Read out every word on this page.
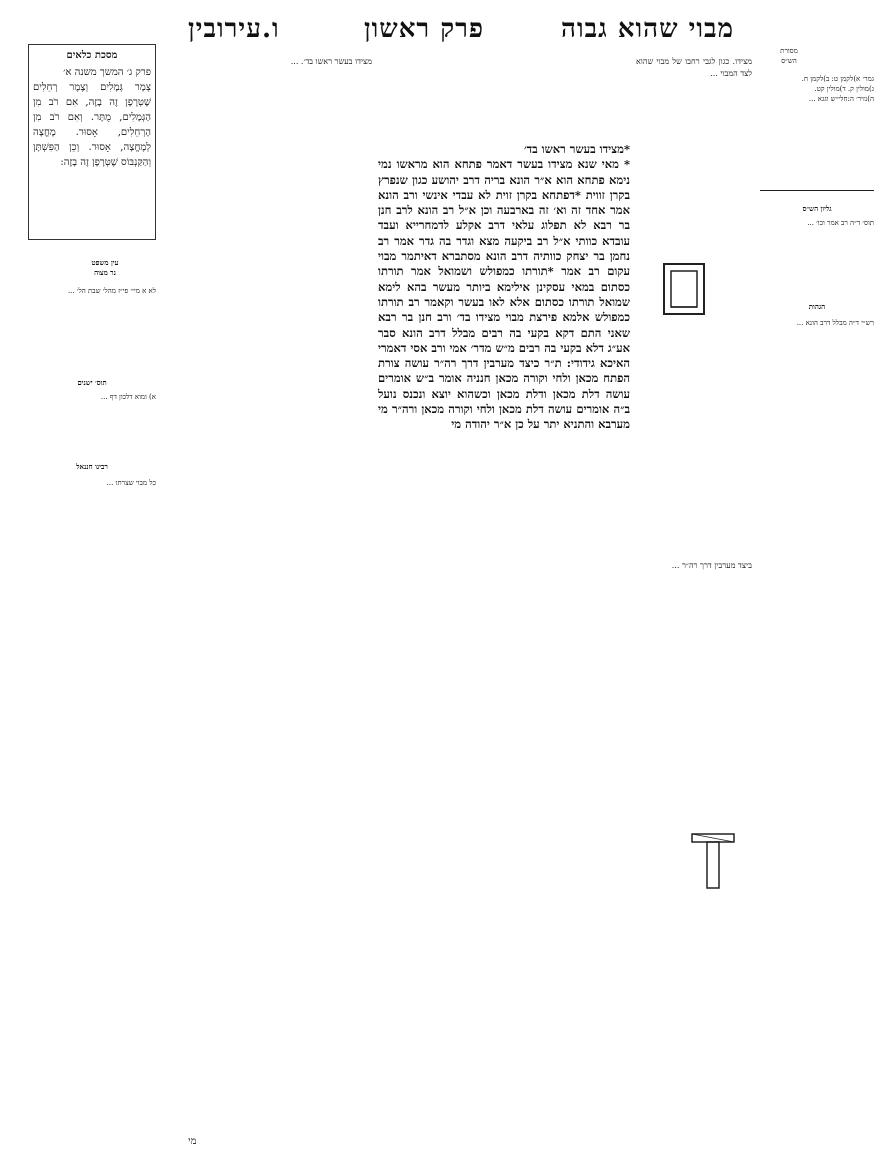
עירובין	פרק ראשון	מבוי שהוא גבוה
ו.
מסורת
הש״ס
גמר׳ א)לקמן ט: ב)לקמן ח.
ג)מולין ק. ד)מולין קט.
ה)נזיר׳ ה:חלי״ש וגגא ...
גליון הש״ס
תוס׳ ד״ה רב אמר וכו׳ ...
הגהות
רש״י ד״ה מבלל דרב הונא ...
מסכת כלאים
פרק ג׳ המשך משנה א׳
צְמָר גְּמָלִים וְצֶמֶר רְחֵלִים שֶׁטְּרָפָן זֶה בָזֶה, אִם רֹב מִן הַגְּמָלִים, מֻתָּר. וְאִם רֹב מִן הָרְחֵלִים, אָסוּר. מֶחֱצָה לְמֶחֱצָה, אָסוּר. וְכֵן הַפִּשְׁתָּן וְהַקַּנְבּוֹס שֶׁטְּרָפָן זֶה בָזֶה:
עין משפט
נר מצוה
לא א מיי׳ פי״ז מהל׳ שבת הל׳ ...
תוס׳ ישנים
א) ומוא דלכון דף ...
רבינו חננאל
כל מבוי שצרתו ...
*מצידו בעשר ראשו בד׳
* מאי שנא מצידו בעשר דאמר פתחא הוא מראשו נמי נימא פתחא הוא א״ר הונא בריה דרב יהושע כגון שנפרץ בקרן זווית *דפתחא בקרן זוית לא עבדי אינשי ורב הונא אמר אחד זה וא׳ זה בארבעה וכן א״ל רב הונא לרב חנן בר רבא לא תפלוג עלאי דרב אקלע לדמחרייא ועבד עובדא כוותי א״ל רב ביקעה מצא וגדר בה גדר אמר רב נחמן בר יצחק כוותיה דרב הונא מסתברא דאיתמר מבוי עקום רב אמר *תורתו כמפולש ושמואל אמר תורתו כסתום במאי עסקינן אילימא ביותר מעשר בהא לימא שמואל תורתו כסתום אלא לאו בעשר וקאמר רב תורתו כמפולש אלמא פירצת מבוי מצידו בד׳ ורב חנן בר רבא שאני התם דקא בקעי בה רבים מבלל דרב הונא סבר אע״ג דלא בקעי בה רבים מ״ש מדר׳ אמי ורב אסי דאמרי האיכא גידודי: ת״ר כיצד מערבין דרך רה״ר עושה צורת הפתח מכאן ולחי וקורה מכאן חנניה אומר ב״ש אומרים עושה דלת מכאן ודלת מכאן וכשהוא יוצא ונכנס נועל ב״ה אומרים עושה דלת מכאן ולחי וקורה מכאן ורה״ר מי מערבא והתניא יתר על כן א״ר יהודה מי
מצידו. כגון לגבי רחבו של מבוי שהוא לצד המבוי ...
מצידו בעשר ראשו בד׳. ...
ביצד מערבין דרך רה״ר ...
מי
